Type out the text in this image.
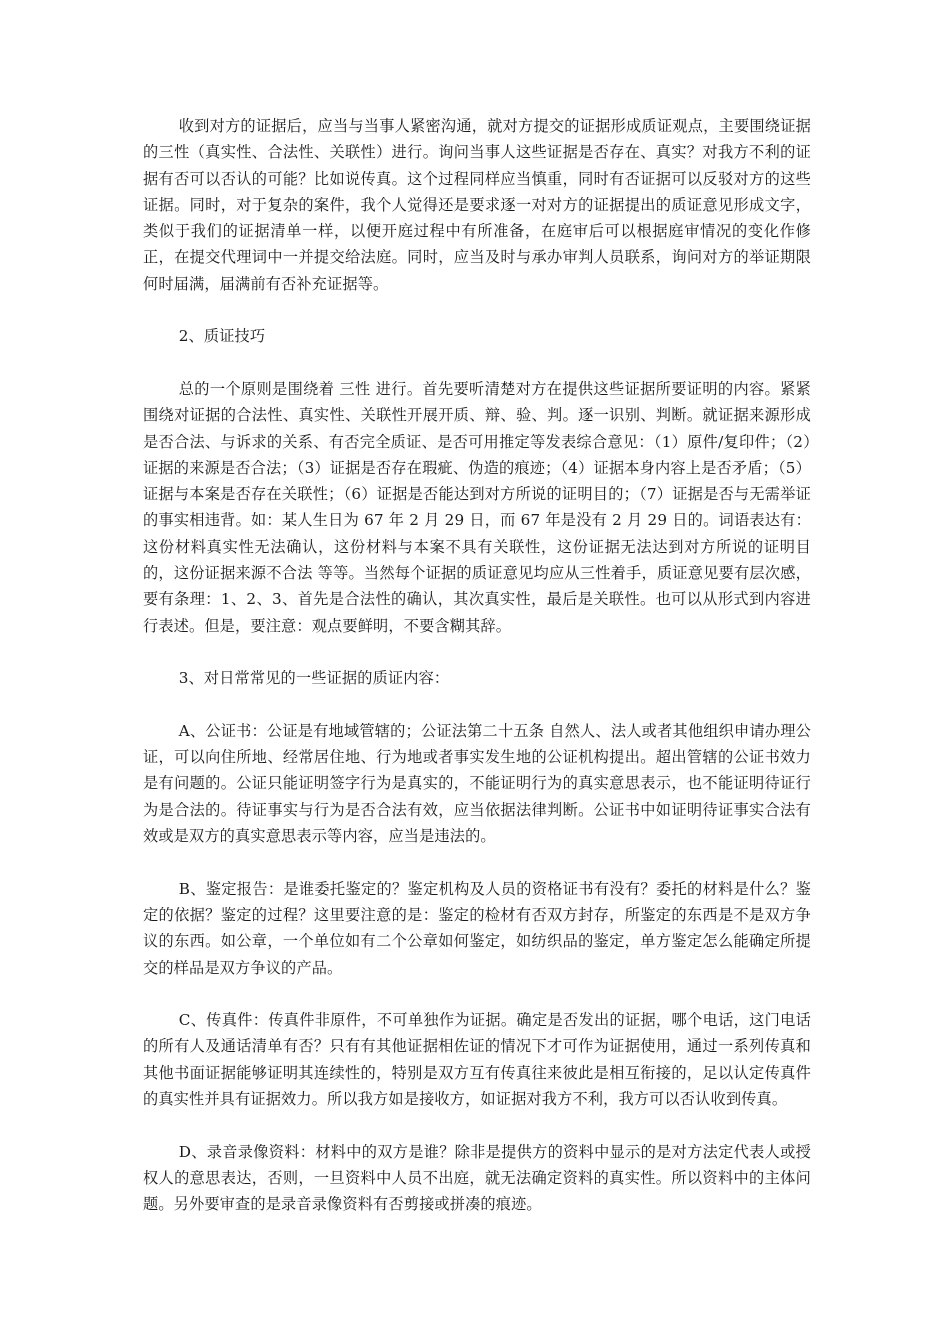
收到对方的证据后，应当与当事人紧密沟通，就对方提交的证据形成质证观点，主要围绕证据的三性（真实性、合法性、关联性）进行。询问当事人这些证据是否存在、真实？对我方不利的证据有否可以否认的可能？比如说传真。这个过程同样应当慎重，同时有否证据可以反驳对方的这些证据。同时，对于复杂的案件，我个人觉得还是要求逐一对对方的证据提出的质证意见形成文字，类似于我们的证据清单一样，以便开庭过程中有所准备，在庭审后可以根据庭审情况的变化作修正，在提交代理词中一并提交给法庭。同时，应当及时与承办审判人员联系，询问对方的举证期限何时届满，届满前有否补充证据等。

2、质证技巧

总的一个原则是围绕着 三性 进行。首先要听清楚对方在提供这些证据所要证明的内容。紧紧围绕对证据的合法性、真实性、关联性开展开质、辩、验、判。逐一识别、判断。就证据来源形成是否合法、与诉求的关系、有否完全质证、是否可用推定等发表综合意见：（1）原件/复印件；（2）证据的来源是否合法；（3）证据是否存在瑕疵、伪造的痕迹；（4）证据本身内容上是否矛盾；（5）证据与本案是否存在关联性；（6）证据是否能达到对方所说的证明目的；（7）证据是否与无需举证的事实相违背。如：某人生日为 67 年 2 月 29 日，而 67 年是没有 2 月 29 日的。词语表达有： 这份材料真实性无法确认，这份材料与本案不具有关联性，这份证据无法达到对方所说的证明目的，这份证据来源不合法 等等。当然每个证据的质证意见均应从三性着手，质证意见要有层次感，要有条理：1、2、3、首先是合法性的确认，其次真实性，最后是关联性。也可以从形式到内容进行表述。但是，要注意：观点要鲜明，不要含糊其辞。

3、对日常常见的一些证据的质证内容：

A、公证书：公证是有地域管辖的；公证法第二十五条 自然人、法人或者其他组织申请办理公证，可以向住所地、经常居住地、行为地或者事实发生地的公证机构提出。超出管辖的公证书效力是有问题的。公证只能证明签字行为是真实的，不能证明行为的真实意思表示，也不能证明待证行为是合法的。待证事实与行为是否合法有效，应当依据法律判断。公证书中如证明待证事实合法有效或是双方的真实意思表示等内容，应当是违法的。

B、鉴定报告：是谁委托鉴定的？鉴定机构及人员的资格证书有没有？委托的材料是什么？鉴定的依据？鉴定的过程？这里要注意的是：鉴定的检材有否双方封存，所鉴定的东西是不是双方争议的东西。如公章，一个单位如有二个公章如何鉴定，如纺织品的鉴定，单方鉴定怎么能确定所提交的样品是双方争议的产品。

C、传真件：传真件非原件，不可单独作为证据。确定是否发出的证据，哪个电话，这门电话的所有人及通话清单有否？只有有其他证据相佐证的情况下才可作为证据使用，通过一系列传真和其他书面证据能够证明其连续性的，特别是双方互有传真往来彼此是相互衔接的，足以认定传真件的真实性并具有证据效力。所以我方如是接收方，如证据对我方不利，我方可以否认收到传真。

D、录音录像资料：材料中的双方是谁？除非是提供方的资料中显示的是对方法定代表人或授权人的意思表达，否则，一旦资料中人员不出庭，就无法确定资料的真实性。所以资料中的主体问题。另外要审查的是录音录像资料有否剪接或拼凑的痕迹。
